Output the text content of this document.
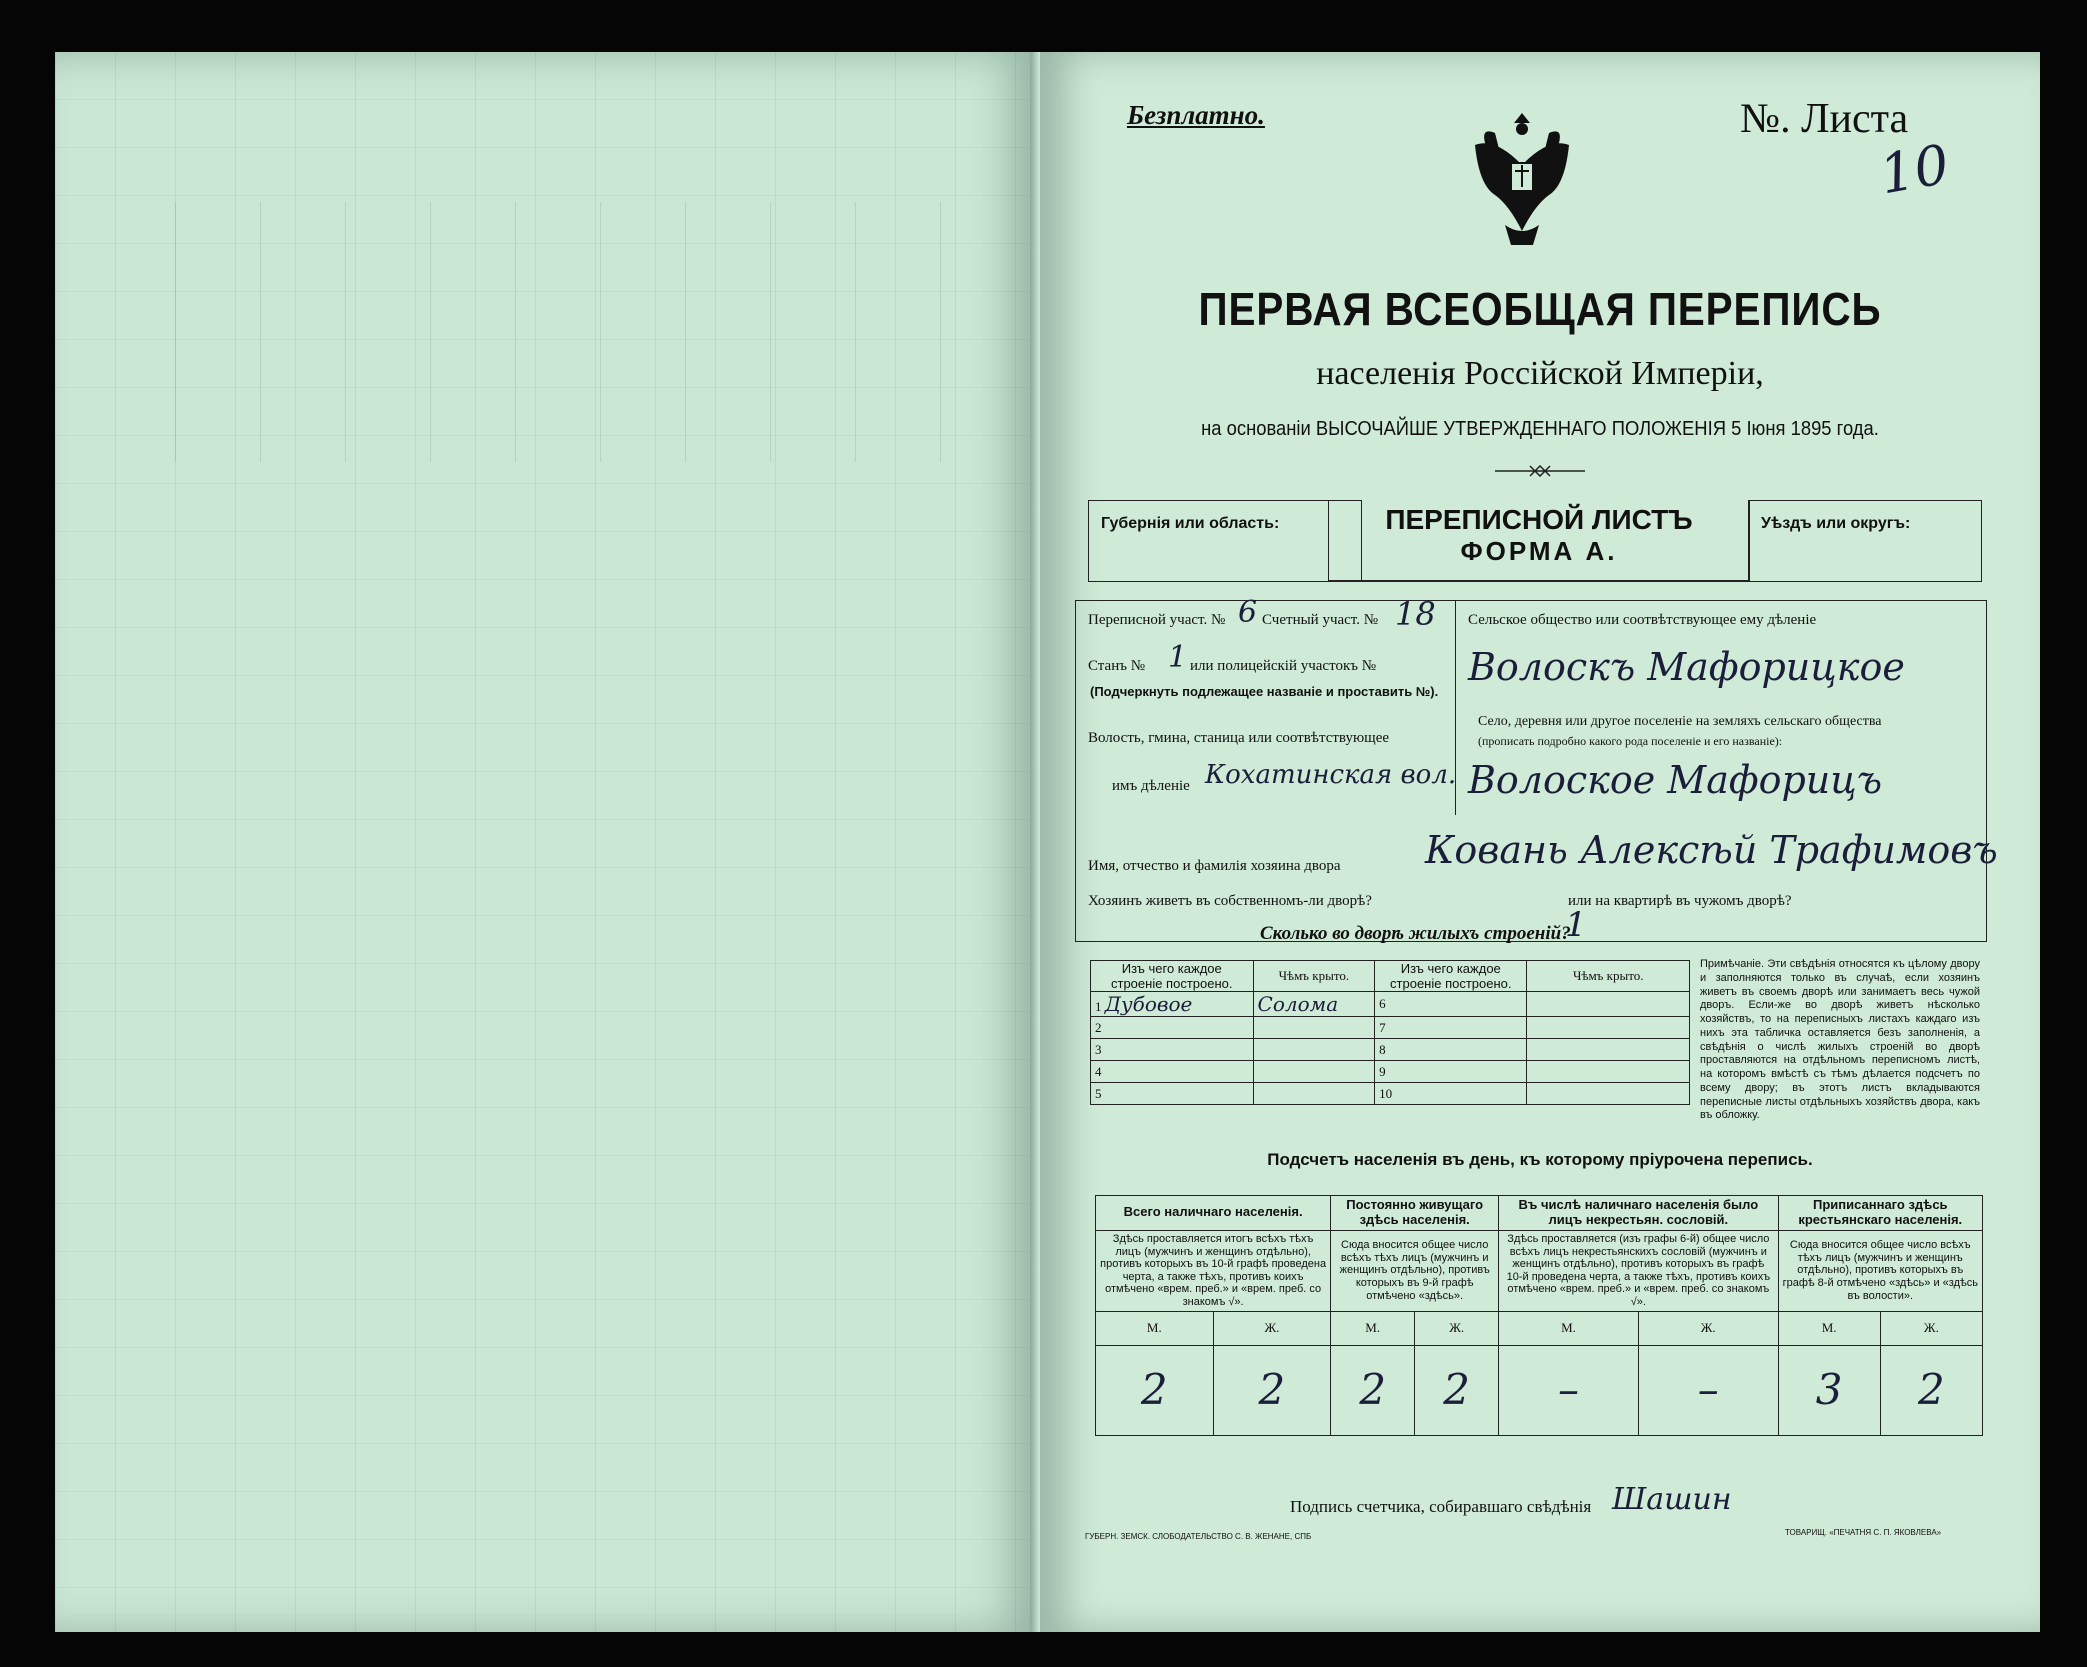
Безплатно.	№. Листа
10
ПЕРВАЯ ВСЕОБЩАЯ ПЕРЕПИСЬ
населенія Россійской Имперіи,
на основаніи ВЫСОЧАЙШЕ УТВЕРЖДЕННАГО ПОЛОЖЕНІЯ 5 Іюня 1895 года.
Губернія или область:	ПЕРЕПИСНОЙ ЛИСТЪ
ФОРМА А.
Уѣздъ или округъ:
Переписной участ. № 6 Счетный участ. № 18
Станъ № 1 или полицейскій участокъ №
(Подчеркнуть подлежащее названіе и проставить №).
Волость, гмина, станица или соотвѣтствующее
имъ дѣленіе Кохатинская вол.
Сельское общество или соотвѣтствующее ему дѣленіе
Волоскъ Мафорицкое
Село, деревня или другое поселеніе на земляхъ сельскаго общества
(прописать подробно какого рода поселеніе и его названіе):
Волоское Мафорицъ
Имя, отчество и фамилія хозяина двора Ковань Алексѣй Трафимовъ
Хозяинъ живетъ въ собственномъ-ли дворѣ?	или на квартирѣ въ чужомъ дворѣ?
Сколько во дворѣ жилыхъ строеній?
1
Изъ чего каждое строеніе построено.	Чѣмъ крыто.	Изъ чего каждое строеніе построено.	Чѣмъ крыто.
1 Дубовое	Солома	6	
2		7	
3		8	
4		9	
5		10	
Примѣчаніе. Эти свѣдѣнія относятся къ цѣлому двору и заполняются только въ случаѣ, если хозяинъ живетъ въ своемъ дворѣ или занимаетъ весь чужой дворъ. Если-же во дворѣ живетъ нѣсколько хозяйствъ, то на переписныхъ листахъ каждаго изъ нихъ эта табличка оставляется безъ заполненія, а свѣдѣнія о числѣ жилыхъ строеній во дворѣ проставляются на отдѣльномъ переписномъ листѣ, на которомъ вмѣстѣ съ тѣмъ дѣлается подсчетъ по всему двору; въ этотъ листъ вкладываются переписные листы отдѣльныхъ хозяйствъ двора, какъ въ обложку.
Подсчетъ населенія въ день, къ которому пріурочена перепись.
Всего наличнаго населенія.		Постоянно живущаго здѣсь населенія.		Въ числѣ наличнаго населенія было лицъ некрестьян. сословій.		Приписаннаго здѣсь крестьянскаго населенія.	
Здѣсь проставляется итогъ всѣхъ тѣхъ лицъ (мужчинъ и женщинъ отдѣльно), противъ которыхъ въ 10-й графѣ проведена черта, а также тѣхъ, противъ коихъ отмѣчено «врем. преб.» и «врем. преб. со знакомъ √».		Сюда вносится общее число всѣхъ тѣхъ лицъ (мужчинъ и женщинъ отдѣльно), противъ которыхъ въ 9-й графѣ отмѣчено «здѣсь».		Здѣсь проставляется (изъ графы 6-й) общее число всѣхъ лицъ некрестьянскихъ сословій (мужчинъ и женщинъ отдѣльно), противъ которыхъ въ графѣ 10-й проведена черта, а также тѣхъ, противъ коихъ отмѣчено «врем. преб.» и «врем. преб. со знакомъ √».		Сюда вносится общее число всѣхъ тѣхъ лицъ (мужчинъ и женщинъ отдѣльно), противъ которыхъ въ графѣ 8-й отмѣчено «здѣсь» и «здѣсь въ волости».	
М.	Ж.	М.	Ж.	М.	Ж.	М.	Ж.
2	2	2	2	–	–	3	2
Подпись счетчика, собиравшаго свѣдѣнія Шашин
ГУБЕРН. ЗЕМСК. СЛОБОДАТЕЛЬСТВО С. В. ЖЕНАНЕ, СПБ	ТОВАРИЩ. «ПЕЧАТНЯ С. П. ЯКОВЛЕВА»
